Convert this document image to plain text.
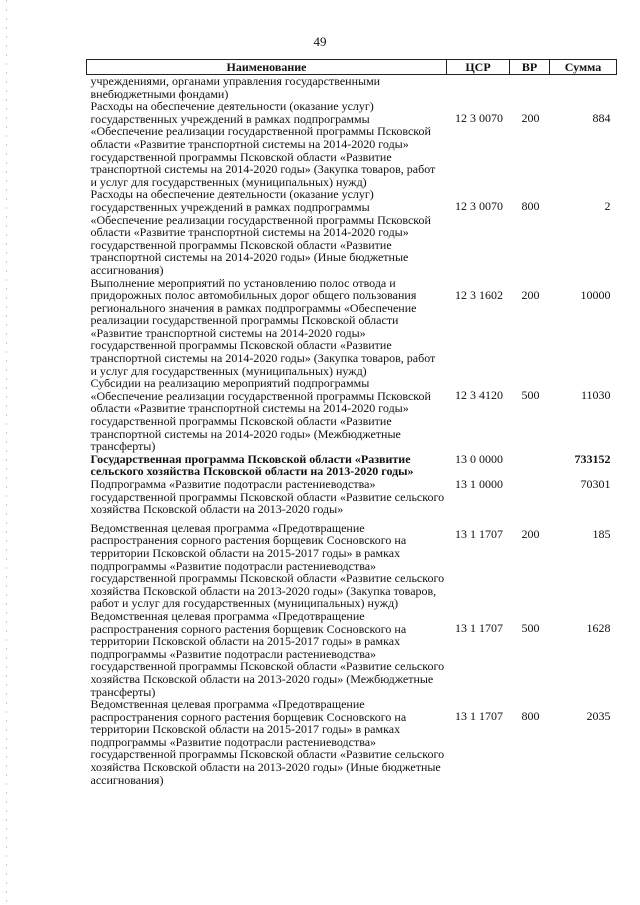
49
Наименование	ЦСР	ВР	Сумма
учреждениями, органами управления государственными внебюджетными фондами)			
Расходы на обеспечение деятельности (оказание услуг) государственных учреждений в рамках подпрограммы «Обеспечение реализации государственной программы Псковской области «Развитие транспортной системы на 2014-2020 годы» государственной программы Псковской области «Развитие транспортной системы на 2014-2020 годы» (Закупка товаров, работ и услуг для государственных (муниципальных) нужд)	12 3 0070	200	884
Расходы на обеспечение деятельности (оказание услуг) государственных учреждений в рамках подпрограммы «Обеспечение реализации государственной программы Псковской области «Развитие транспортной системы на 2014-2020 годы» государственной программы Псковской области «Развитие транспортной системы на 2014-2020 годы» (Иные бюджетные ассигнования)	12 3 0070	800	2
Выполнение мероприятий по установлению полос отвода и придорожных полос автомобильных дорог общего пользования регионального значения в рамках подпрограммы «Обеспечение реализации государственной программы Псковской области «Развитие транспортной системы на 2014-2020 годы» государственной программы Псковской области «Развитие транспортной системы на 2014-2020 годы» (Закупка товаров, работ и услуг для государственных (муниципальных) нужд)	12 3 1602	200	10000
Субсидии на реализацию мероприятий подпрограммы «Обеспечение реализации государственной программы Псковской области «Развитие транспортной системы на 2014-2020 годы» государственной программы Псковской области «Развитие транспортной системы на 2014-2020 годы» (Межбюджетные трансферты)	12 3 4120	500	11030
Государственная программа Псковской области «Развитие сельского хозяйства Псковской области на 2013-2020 годы»	13 0 0000		733152
Подпрограмма «Развитие подотрасли растениеводства» государственной программы Псковской области «Развитие сельского хозяйства Псковской области на 2013-2020 годы»	13 1 0000		70301
Ведомственная целевая программа «Предотвращение распространения сорного растения борщевик Сосновского на территории Псковской области на 2015-2017 годы» в рамках подпрограммы «Развитие подотрасли растениеводства» государственной программы Псковской области «Развитие сельского хозяйства Псковской области на 2013-2020 годы» (Закупка товаров, работ и услуг для государственных (муниципальных) нужд)	13 1 1707	200	185
Ведомственная целевая программа «Предотвращение распространения сорного растения борщевик Сосновского на территории Псковской области на 2015-2017 годы» в рамках подпрограммы «Развитие подотрасли растениеводства» государственной программы Псковской области «Развитие сельского хозяйства Псковской области на 2013-2020 годы» (Межбюджетные трансферты)	13 1 1707	500	1628
Ведомственная целевая программа «Предотвращение распространения сорного растения борщевик Сосновского на территории Псковской области на 2015-2017 годы» в рамках подпрограммы «Развитие подотрасли растениеводства» государственной программы Псковской области «Развитие сельского хозяйства Псковской области на 2013-2020 годы» (Иные бюджетные ассигнования)	13 1 1707	800	2035
